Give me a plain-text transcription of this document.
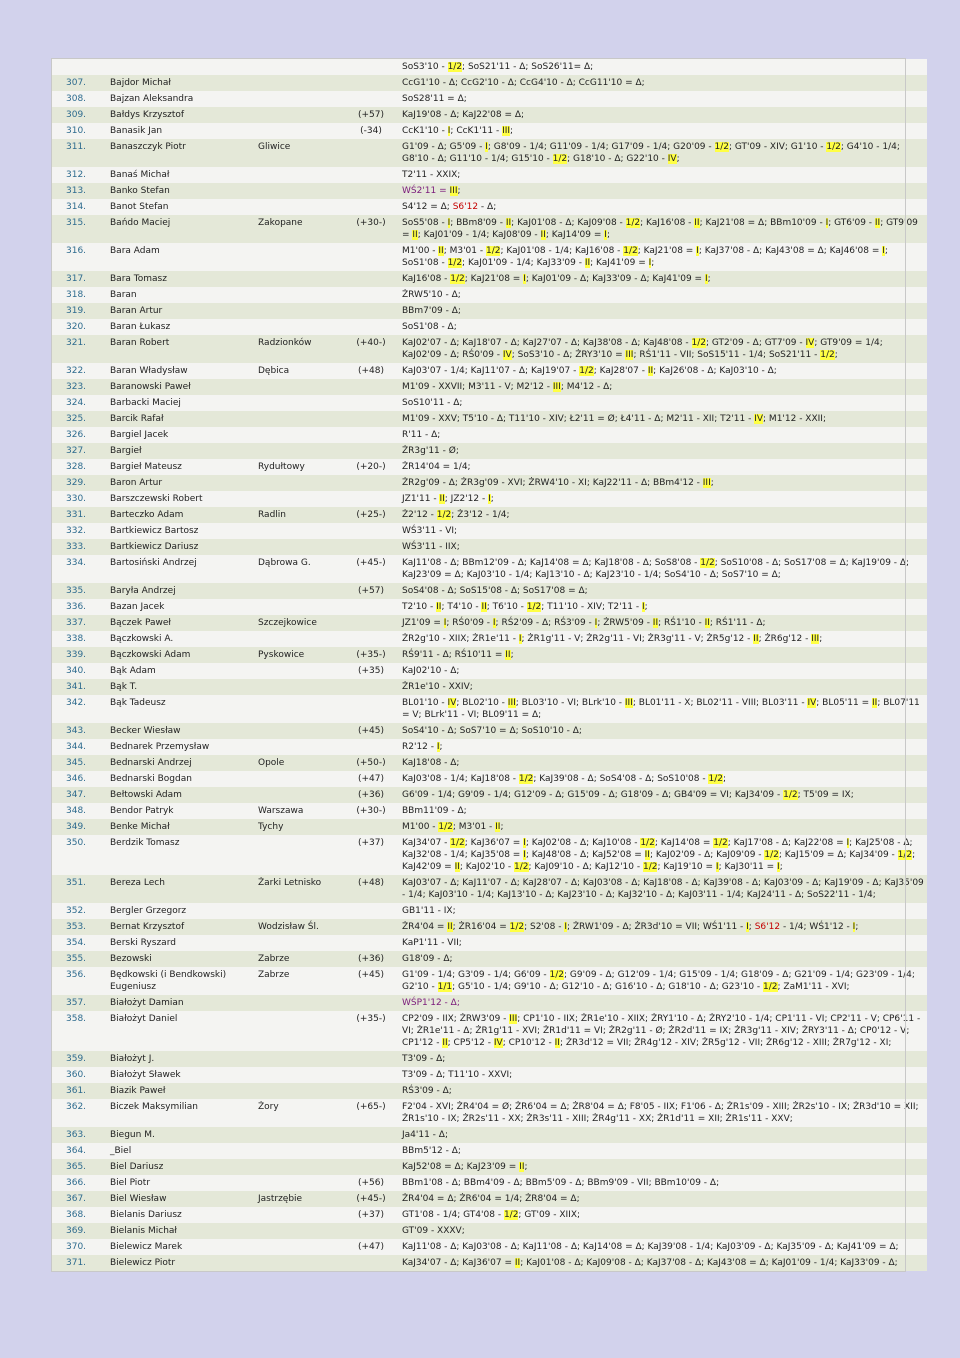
				SoS3'10 - 1/2; SoS21'11 - Δ; SoS26'11= Δ;
307.	Bajdor Michał			CcG1'10 - Δ; CcG2'10 - Δ; CcG4'10 - Δ; CcG11'10 = Δ;
308.	Bajzan Aleksandra			SoS28'11 = Δ;
309.	Bałdys Krzysztof		(+57)	KaJ19'08 - Δ; KaJ22'08 = Δ;
310.	Banasik Jan		(-34)	CcK1'10 - I; CcK1'11 - III;
311.	Banaszczyk Piotr	Gliwice		G1'09 - Δ; G5'09 - I; G8'09 - 1/4; G11'09 - 1/4; G17'09 - 1/4; G20'09 - 1/2; GT'09 - XIV; G1'10 - 1/2; G4'10 - 1/4; G8'10 - Δ; G11'10 - 1/4; G15'10 - 1/2; G18'10 - Δ; G22'10 - IV;
312.	Banaś Michał			T2'11 - XXIX;
313.	Banko Stefan			WŚ2'11 = III;
314.	Banot Stefan			S4'12 = Δ; S6'12 - Δ;
315.	Bańdo Maciej	Zakopane	(+30-)	SoS5'08 - I; BBm8'09 - II; KaJ01'08 - Δ; KaJ09'08 - 1/2; KaJ16'08 - II; KaJ21'08 = Δ; BBm10'09 - I; GT6'09 - II; GT9'09 = II; KaJ01'09 - 1/4; KaJ08'09 - II; KaJ14'09 = I;
316.	Bara Adam			M1'00 - II; M3'01 - 1/2; KaJ01'08 - 1/4; KaJ16'08 - 1/2; KaJ21'08 = I; KaJ37'08 - Δ; KaJ43'08 = Δ; KaJ46'08 = I; SoS1'08 - 1/2; KaJ01'09 - 1/4; KaJ33'09 - II; KaJ41'09 = I;
317.	Bara Tomasz			KaJ16'08 - 1/2; KaJ21'08 = I; KaJ01'09 - Δ; KaJ33'09 - Δ; KaJ41'09 = I;
318.	Baran			ŻRW5'10 - Δ;
319.	Baran Artur			BBm7'09 - Δ;
320.	Baran Łukasz			SoS1'08 - Δ;
321.	Baran Robert	Radzionków	(+40-)	KaJ02'07 - Δ; KaJ18'07 - Δ; KaJ27'07 - Δ; KaJ38'08 - Δ; KaJ48'08 - 1/2; GT2'09 - Δ; GT7'09 - IV; GT9'09 = 1/4; KaJ02'09 - Δ; RŚ0'09 - IV; SoS3'10 - Δ; ŻRY3'10 = III; RŚ1'11 - VII; SoS15'11 - 1/4; SoS21'11 - 1/2;
322.	Baran Władysław	Dębica	(+48)	KaJ03'07 - 1/4; KaJ11'07 - Δ; KaJ19'07 - 1/2; KaJ28'07 - II; KaJ26'08 - Δ; KaJ03'10 - Δ;
323.	Baranowski Paweł			M1'09 - XXVII; M3'11 - V; M2'12 - III; M4'12 - Δ;
324.	Barbacki Maciej			SoS10'11 - Δ;
325.	Barcik Rafał			M1'09 - XXV; T5'10 - Δ; T11'10 - XIV; Ł2'11 = Ø; Ł4'11 - Δ; M2'11 - XII; T2'11 - IV; M1'12 - XXII;
326.	Bargiel Jacek			R'11 - Δ;
327.	Bargieł			ŻR3g'11 - Ø;
328.	Bargieł Mateusz	Rydułtowy	(+20-)	ŻR14'04 = 1/4;
329.	Baron Artur			ŻR2g'09 - Δ; ŻR3g'09 - XVI; ŻRW4'10 - XI; KaJ22'11 - Δ; BBm4'12 - III;
330.	Barszczewski Robert			JZ1'11 - II; JZ2'12 - I;
331.	Barteczko Adam	Radlin	(+25-)	Ż2'12 - 1/2; Ż3'12 - 1/4;
332.	Bartkiewicz Bartosz			WŚ3'11 - VI;
333.	Bartkiewicz Dariusz			WŚ3'11 - IIX;
334.	Bartosiński Andrzej	Dąbrowa G.	(+45-)	KaJ11'08 - Δ; BBm12'09 - Δ; KaJ14'08 = Δ; KaJ18'08 - Δ; SoS8'08 - 1/2; SoS10'08 - Δ; SoS17'08 = Δ; KaJ19'09 - Δ; KaJ23'09 = Δ; KaJ03'10 - 1/4; KaJ13'10 - Δ; KaJ23'10 - 1/4; SoS4'10 - Δ; SoS7'10 = Δ;
335.	Baryła Andrzej		(+57)	SoS4'08 - Δ; SoS15'08 - Δ; SoS17'08 = Δ;
336.	Bazan Jacek			T2'10 - II; T4'10 - II; T6'10 - 1/2; T11'10 - XIV; T2'11 - I;
337.	Bączek Paweł	Szczejkowice		JZ1'09 = I; RŚ0'09 - I; RŚ2'09 - Δ; RŚ3'09 - I; ŻRW5'09 - II; RŚ1'10 - II; RŚ1'11 - Δ;
338.	Bączkowski A.			ŻR2g'10 - XIIX; ŻR1e'11 - I; ŻR1g'11 - V; ŻR2g'11 - VI; ŻR3g'11 - V; ŻR5g'12 - II; ŻR6g'12 - III;
339.	Bączkowski Adam	Pyskowice	(+35-)	RŚ9'11 - Δ; RŚ10'11 = II;
340.	Bąk Adam		(+35)	KaJ02'10 - Δ;
341.	Bąk T.			ŻR1e'10 - XXIV;
342.	Bąk Tadeusz			BL01'10 - IV; BL02'10 - III; BL03'10 - VI; BLrk'10 - III; BL01'11 - X; BL02'11 - VIII; BL03'11 - IV; BL05'11 = II; BL07'11 = V; BLrk'11 - VI; BL09'11 = Δ;
343.	Becker Wiesław		(+45)	SoS4'10 - Δ; SoS7'10 = Δ; SoS10'10 - Δ;
344.	Bednarek Przemysław			R2'12 - I;
345.	Bednarski Andrzej	Opole	(+50-)	KaJ18'08 - Δ;
346.	Bednarski Bogdan		(+47)	KaJ03'08 - 1/4; KaJ18'08 - 1/2; KaJ39'08 - Δ; SoS4'08 - Δ; SoS10'08 - 1/2;
347.	Bełtowski Adam		(+36)	G6'09 - 1/4; G9'09 - 1/4; G12'09 - Δ; G15'09 - Δ; G18'09 - Δ; GB4'09 = VI; KaJ34'09 - 1/2; T5'09 = IX;
348.	Bendor Patryk	Warszawa	(+30-)	BBm11'09 - Δ;
349.	Benke Michał	Tychy		M1'00 - 1/2; M3'01 - II;
350.	Berdzik Tomasz		(+37)	KaJ34'07 - 1/2; KaJ36'07 = I; KaJ02'08 - Δ; KaJ10'08 - 1/2; KaJ14'08 = 1/2; KaJ17'08 - Δ; KaJ22'08 = I; KaJ25'08 - Δ; KaJ32'08 - 1/4; KaJ35'08 = I; KaJ48'08 - Δ; KaJ52'08 = II; KaJ02'09 - Δ; KaJ09'09 - 1/2; KaJ15'09 = Δ; KaJ34'09 - 1/2; KaJ42'09 = II; KaJ02'10 - 1/2; KaJ09'10 - Δ; KaJ12'10 - 1/2; KaJ19'10 = I; KaJ30'11 = I;
351.	Bereza Lech	Żarki Letnisko	(+48)	KaJ03'07 - Δ; KaJ11'07 - Δ; KaJ28'07 - Δ; KaJ03'08 - Δ; KaJ18'08 - Δ; KaJ39'08 - Δ; KaJ03'09 - Δ; KaJ19'09 - Δ; KaJ35'09 - 1/4; KaJ03'10 - 1/4; KaJ13'10 - Δ; KaJ23'10 - Δ; KaJ32'10 - Δ; KaJ03'11 - 1/4; KaJ24'11 - Δ; SoS22'11 - 1/4;
352.	Bergler Grzegorz			GB1'11 - IX;
353.	Bernat Krzysztof	Wodzisław Śl.		ŻR4'04 = II; ŻR16'04 = 1/2; S2'08 - I; ŻRW1'09 - Δ; ŻR3d'10 = VII; WŚ1'11 - I; S6'12 - 1/4; WŚ1'12 - I;
354.	Berski Ryszard			KaP1'11 - VII;
355.	Bezowski	Zabrze	(+36)	G18'09 - Δ;
356.	Będkowski (i Bendkowski) Eugeniusz	Zabrze	(+45)	G1'09 - 1/4; G3'09 - 1/4; G6'09 - 1/2; G9'09 - Δ; G12'09 - 1/4; G15'09 - 1/4; G18'09 - Δ; G21'09 - 1/4; G23'09 - 1/4; G2'10 - 1/1; G5'10 - 1/4; G9'10 - Δ; G12'10 - Δ; G16'10 - Δ; G18'10 - Δ; G23'10 - 1/2; ZaM1'11 - XVI;
357.	Białożyt Damian			WŚP1'12 - Δ;
358.	Białożyt Daniel		(+35-)	CP2'09 - IIX; ŻRW3'09 - III; CP1'10 - IIX; ŻR1e'10 - XIIX; ŻRY1'10 - Δ; ŻRY2'10 - 1/4; CP1'11 - VI; CP2'11 - V; CP6'11 - VI; ŻR1e'11 - Δ; ŻR1g'11 - XVI; ŻR1d'11 = VI; ŻR2g'11 - Ø; ŻR2d'11 = IX; ŻR3g'11 - XIV; ŻRY3'11 - Δ; CP0'12 - V; CP1'12 - II; CP5'12 - IV; CP10'12 - II; ŻR3d'12 = VII; ŻR4g'12 - XIV; ŻR5g'12 - VII; ŻR6g'12 - XIII; ŻR7g'12 - XI;
359.	Białożyt J.			T3'09 - Δ;
360.	Białożyt Sławek			T3'09 - Δ; T11'10 - XXVI;
361.	Biazik Paweł			RŚ3'09 - Δ;
362.	Biczek Maksymilian	Żory	(+65-)	F2'04 - XVI; ŻR4'04 = Ø; ŻR6'04 = Δ; ŻR8'04 = Δ; F8'05 - IIX; F1'06 - Δ; ŻR1s'09 - XIII; ŻR2s'10 - IX; ŻR3d'10 = XII; ŻR1s'10 - IX; ŻR2s'11 - XX; ŻR3s'11 - XIII; ŻR4g'11 - XX; ŻR1d'11 = XII; ŻR1s'11 - XXV;
363.	Biegun M.			Ja4'11 - Δ;
364.	_Biel			BBm5'12 - Δ;
365.	Biel Dariusz			KaJ52'08 = Δ; KaJ23'09 = II;
366.	Biel Piotr		(+56)	BBm1'08 - Δ; BBm4'09 - Δ; BBm5'09 - Δ; BBm9'09 - VII; BBm10'09 - Δ;
367.	Biel Wiesław	Jastrzębie	(+45-)	ŻR4'04 = Δ; ŻR6'04 = 1/4; ŻR8'04 = Δ;
368.	Bielanis Dariusz		(+37)	GT1'08 - 1/4; GT4'08 - 1/2; GT'09 - XIIX;
369.	Bielanis Michał			GT'09 - XXXV;
370.	Bielewicz Marek		(+47)	KaJ11'08 - Δ; KaJ03'08 - Δ; KaJ11'08 - Δ; KaJ14'08 = Δ; KaJ39'08 - 1/4; KaJ03'09 - Δ; KaJ35'09 - Δ; KaJ41'09 = Δ;
371.	Bielewicz Piotr			KaJ34'07 - Δ; KaJ36'07 = II; KaJ01'08 - Δ; KaJ09'08 - Δ; KaJ37'08 - Δ; KaJ43'08 = Δ; KaJ01'09 - 1/4; KaJ33'09 - Δ;
